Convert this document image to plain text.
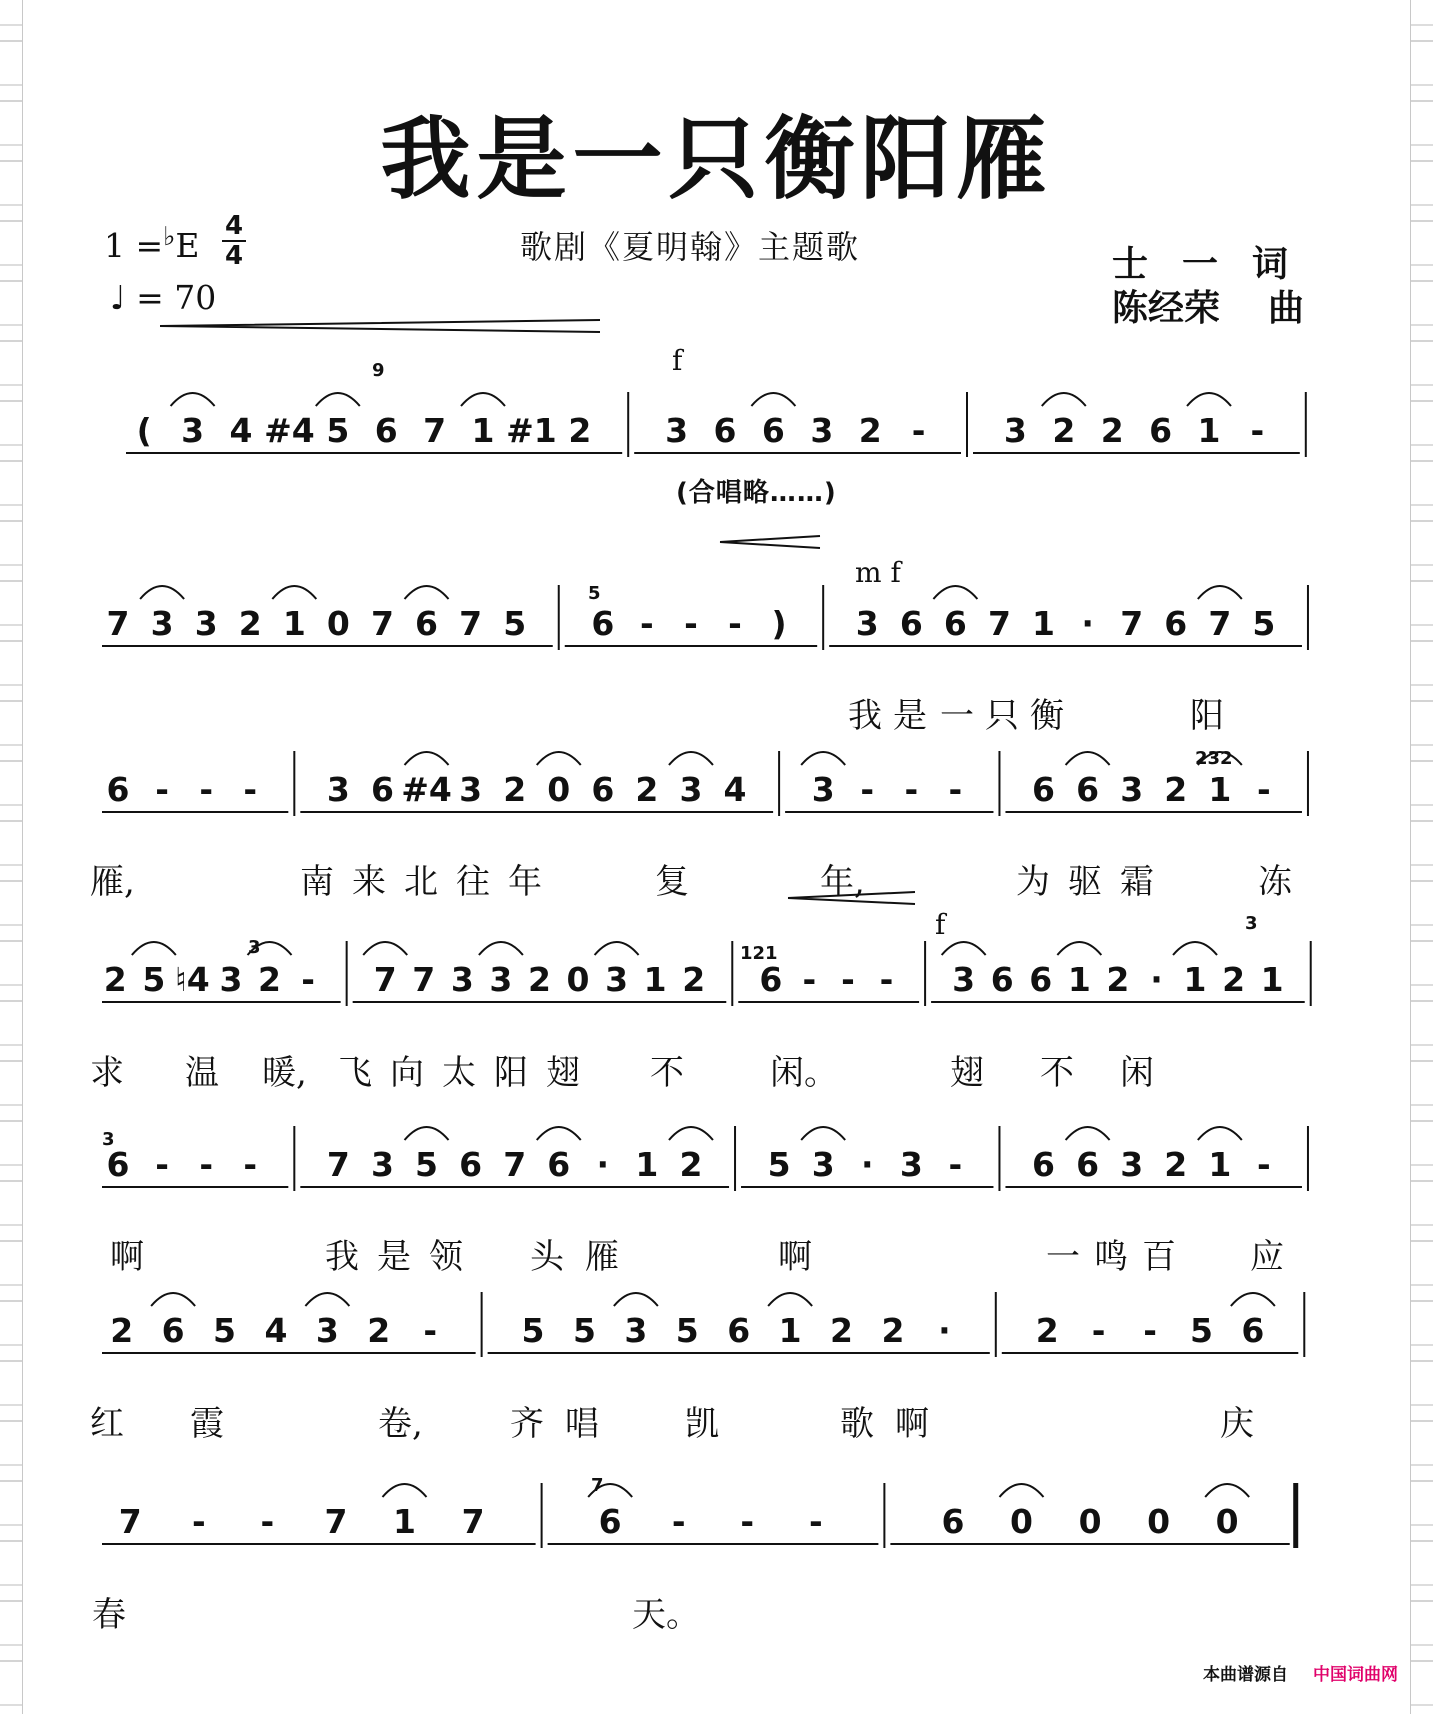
我是一只衡阳雁
1 =♭E 4
4
♩ = 70
歌剧《夏明翰》主题歌	士一词
陈经荣 曲
f
m f
f
(合唱略……)
9
3
5
232
3	121
3
7
( 3 4 #4 5 6 7 1 #1 2 3 6 6 3 2 - 3 2 2 6 1 -
7 3 3 2 1 0 7 6 7 5 6 - - - ) 3 6 6 7 1 · 7 6 7 5
我 是 一 只 衡	阳
6 - - - 3 6 #4 3 2 0 6 2 3 4 3 - - - 6 6 3 2 1 -
雁,	南 来 北 往 年	复	年,	为 驱 霜	冻
2 5 ♮4 3 2 - 7 7 3 3 2 0 3 1 2 6 - - - 3 6 6 1 2 · 1 2 1
求 温 暖, 飞 向 太 阳 翅 不	闲。	翅 不 闲
6 - - - 7 3 5 6 7 6 · 1 2 5 3 · 3 - 6 6 3 2 1 -
啊	我 是 领 头 雁	啊	一 鸣 百 应
2 6 5 4 3 2 -	5 5 3 5 6 1 2 2 ·	2 - - 5 6
红 霞	卷,	齐 唱	凯	歌 啊	庆
7 - - 7 1 7	6 - - -	6 0 0 0 0
春	天。
本曲谱源自 中国词曲网
